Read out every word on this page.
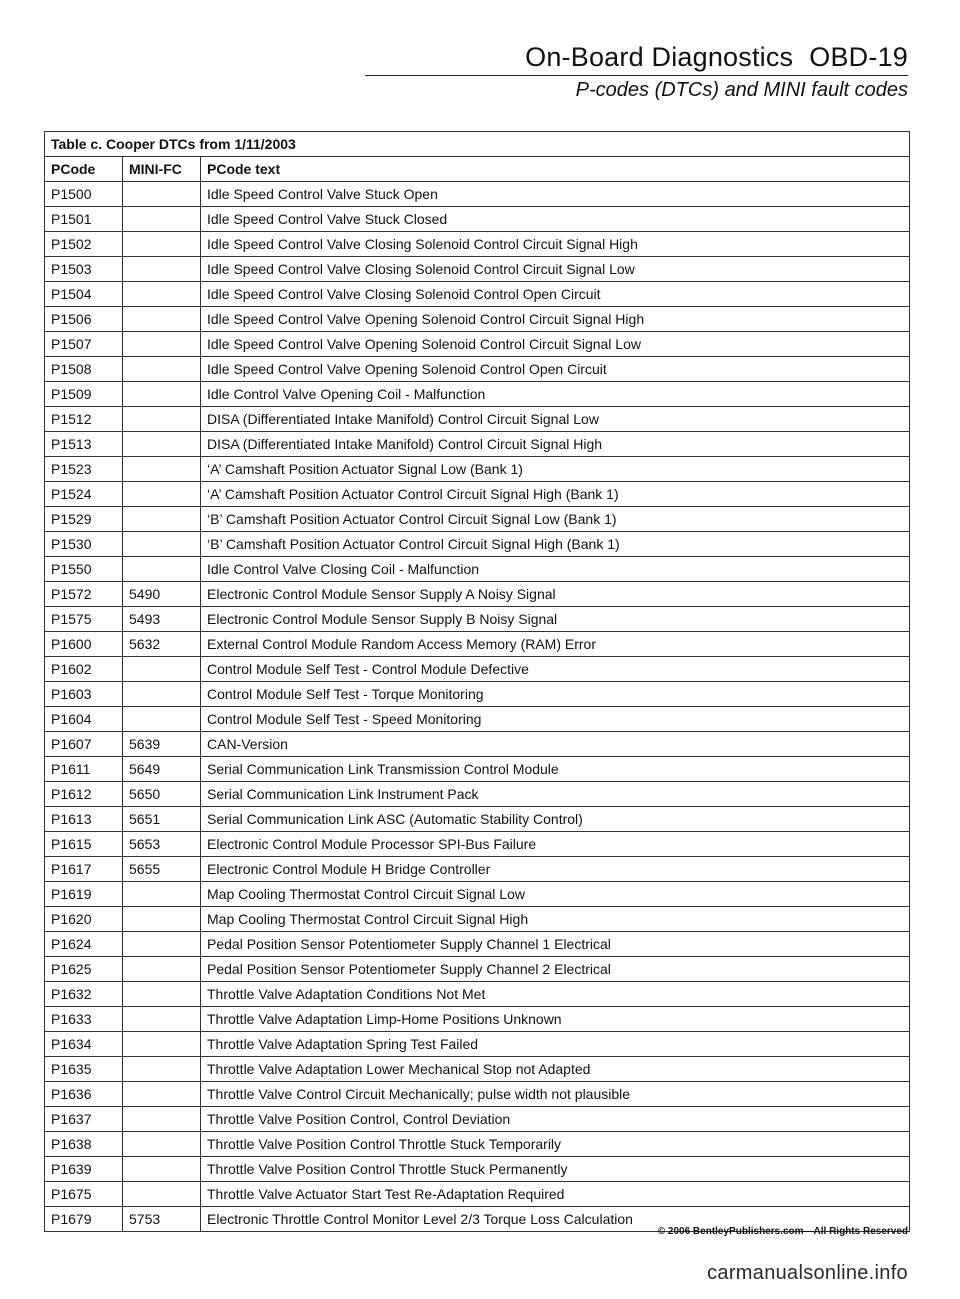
On-Board Diagnostics OBD-19
P-codes (DTCs) and MINI fault codes
Table c. Cooper DTCs from 1/11/2003		
PCode	MINI-FC	PCode text
P1500		Idle Speed Control Valve Stuck Open
P1501		Idle Speed Control Valve Stuck Closed
P1502		Idle Speed Control Valve Closing Solenoid Control Circuit Signal High
P1503		Idle Speed Control Valve Closing Solenoid Control Circuit Signal Low
P1504		Idle Speed Control Valve Closing Solenoid Control Open Circuit
P1506		Idle Speed Control Valve Opening Solenoid Control Circuit Signal High
P1507		Idle Speed Control Valve Opening Solenoid Control Circuit Signal Low
P1508		Idle Speed Control Valve Opening Solenoid Control Open Circuit
P1509		Idle Control Valve Opening Coil - Malfunction
P1512		DISA (Differentiated Intake Manifold) Control Circuit Signal Low
P1513		DISA (Differentiated Intake Manifold) Control Circuit Signal High
P1523		‘A’ Camshaft Position Actuator Signal Low (Bank 1)
P1524		‘A’ Camshaft Position Actuator Control Circuit Signal High (Bank 1)
P1529		‘B’ Camshaft Position Actuator Control Circuit Signal Low (Bank 1)
P1530		‘B’ Camshaft Position Actuator Control Circuit Signal High (Bank 1)
P1550		Idle Control Valve Closing Coil - Malfunction
P1572	5490	Electronic Control Module Sensor Supply A Noisy Signal
P1575	5493	Electronic Control Module Sensor Supply B Noisy Signal
P1600	5632	External Control Module Random Access Memory (RAM) Error
P1602		Control Module Self Test - Control Module Defective
P1603		Control Module Self Test - Torque Monitoring
P1604		Control Module Self Test - Speed Monitoring
P1607	5639	CAN-Version
P1611	5649	Serial Communication Link Transmission Control Module
P1612	5650	Serial Communication Link Instrument Pack
P1613	5651	Serial Communication Link ASC (Automatic Stability Control)
P1615	5653	Electronic Control Module Processor SPI-Bus Failure
P1617	5655	Electronic Control Module H Bridge Controller
P1619		Map Cooling Thermostat Control Circuit Signal Low
P1620		Map Cooling Thermostat Control Circuit Signal High
P1624		Pedal Position Sensor Potentiometer Supply Channel 1 Electrical
P1625		Pedal Position Sensor Potentiometer Supply Channel 2 Electrical
P1632		Throttle Valve Adaptation Conditions Not Met
P1633		Throttle Valve Adaptation Limp-Home Positions Unknown
P1634		Throttle Valve Adaptation Spring Test Failed
P1635		Throttle Valve Adaptation Lower Mechanical Stop not Adapted
P1636		Throttle Valve Control Circuit Mechanically; pulse width not plausible
P1637		Throttle Valve Position Control, Control Deviation
P1638		Throttle Valve Position Control Throttle Stuck Temporarily
P1639		Throttle Valve Position Control Throttle Stuck Permanently
P1675		Throttle Valve Actuator Start Test Re-Adaptation Required
P1679	5753	Electronic Throttle Control Monitor Level 2/3 Torque Loss Calculation
© 2006 BentleyPublishers.com—All Rights Reserved
carmanualsonline.info
